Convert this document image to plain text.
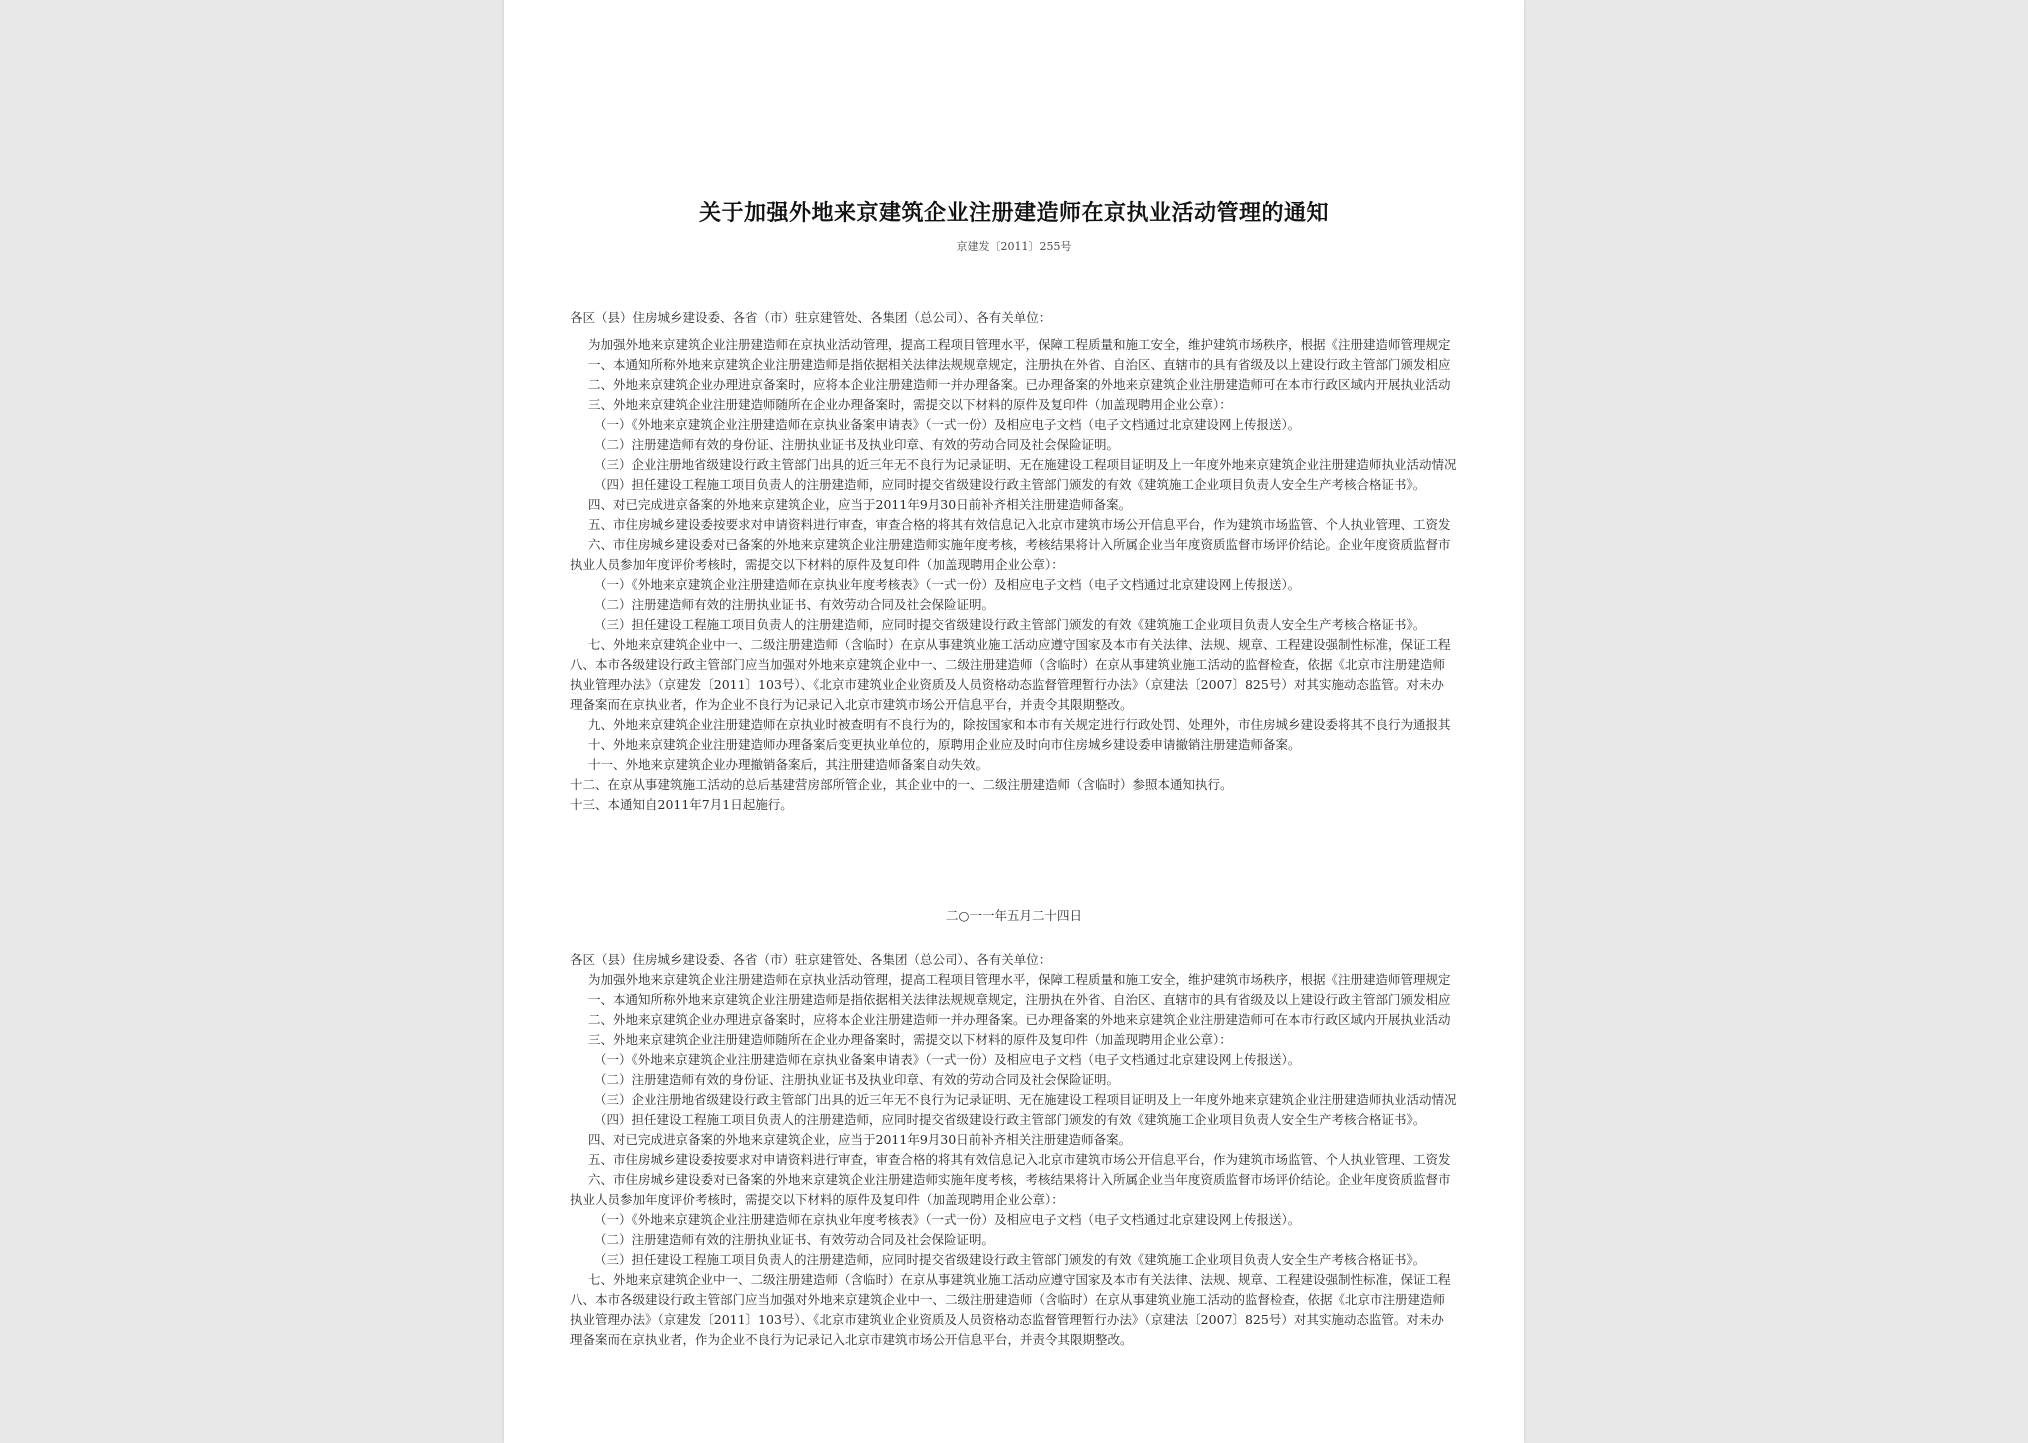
关于加强外地来京建筑企业注册建造师在京执业活动管理的通知
京建发〔2011〕255号
各区（县）住房城乡建设委、各省（市）驻京建管处、各集团（总公司）、各有关单位：
为加强外地来京建筑企业注册建造师在京执业活动管理，提高工程项目管理水平，保障工程质量和施工安全，维护建筑市场秩序，根据《注册建造师管理规定
一、本通知所称外地来京建筑企业注册建造师是指依据相关法律法规规章规定，注册执在外省、自治区、直辖市的具有省级及以上建设行政主管部门颁发相应
二、外地来京建筑企业办理进京备案时，应将本企业注册建造师一并办理备案。已办理备案的外地来京建筑企业注册建造师可在本市行政区域内开展执业活动
三、外地来京建筑企业注册建造师随所在企业办理备案时，需提交以下材料的原件及复印件（加盖现聘用企业公章）：
（一）《外地来京建筑企业注册建造师在京执业备案申请表》（一式一份）及相应电子文档（电子文档通过北京建设网上传报送）。
（二）注册建造师有效的身份证、注册执业证书及执业印章、有效的劳动合同及社会保险证明。
（三）企业注册地省级建设行政主管部门出具的近三年无不良行为记录证明、无在施建设工程项目证明及上一年度外地来京建筑企业注册建造师执业活动情况
（四）担任建设工程施工项目负责人的注册建造师，应同时提交省级建设行政主管部门颁发的有效《建筑施工企业项目负责人安全生产考核合格证书》。
四、对已完成进京备案的外地来京建筑企业，应当于2011年9月30日前补齐相关注册建造师备案。
五、市住房城乡建设委按要求对申请资料进行审查，审查合格的将其有效信息记入北京市建筑市场公开信息平台，作为建筑市场监管、个人执业管理、工资发
六、市住房城乡建设委对已备案的外地来京建筑企业注册建造师实施年度考核，考核结果将计入所属企业当年度资质监督市场评价结论。企业年度资质监督市
执业人员参加年度评价考核时，需提交以下材料的原件及复印件（加盖现聘用企业公章）：
（一）《外地来京建筑企业注册建造师在京执业年度考核表》（一式一份）及相应电子文档（电子文档通过北京建设网上传报送）。
（二）注册建造师有效的注册执业证书、有效劳动合同及社会保险证明。
（三）担任建设工程施工项目负责人的注册建造师，应同时提交省级建设行政主管部门颁发的有效《建筑施工企业项目负责人安全生产考核合格证书》。
七、外地来京建筑企业中一、二级注册建造师（含临时）在京从事建筑业施工活动应遵守国家及本市有关法律、法规、规章、工程建设强制性标准，保证工程
八、本市各级建设行政主管部门应当加强对外地来京建筑企业中一、二级注册建造师（含临时）在京从事建筑业施工活动的监督检查，依据《北京市注册建造师
执业管理办法》（京建发〔2011〕103号）、《北京市建筑业企业资质及人员资格动态监督管理暂行办法》（京建法〔2007〕825号）对其实施动态监管。对未办
理备案而在京执业者，作为企业不良行为记录记入北京市建筑市场公开信息平台，并责令其限期整改。
九、外地来京建筑企业注册建造师在京执业时被查明有不良行为的，除按国家和本市有关规定进行行政处罚、处理外，市住房城乡建设委将其不良行为通报其
十、外地来京建筑企业注册建造师办理备案后变更执业单位的，原聘用企业应及时向市住房城乡建设委申请撤销注册建造师备案。
十一、外地来京建筑企业办理撤销备案后，其注册建造师备案自动失效。
十二、在京从事建筑施工活动的总后基建营房部所管企业，其企业中的一、二级注册建造师（含临时）参照本通知执行。
十三、本通知自2011年7月1日起施行。
二○一一年五月二十四日
各区（县）住房城乡建设委、各省（市）驻京建管处、各集团（总公司）、各有关单位：
为加强外地来京建筑企业注册建造师在京执业活动管理，提高工程项目管理水平，保障工程质量和施工安全，维护建筑市场秩序，根据《注册建造师管理规定
一、本通知所称外地来京建筑企业注册建造师是指依据相关法律法规规章规定，注册执在外省、自治区、直辖市的具有省级及以上建设行政主管部门颁发相应
二、外地来京建筑企业办理进京备案时，应将本企业注册建造师一并办理备案。已办理备案的外地来京建筑企业注册建造师可在本市行政区域内开展执业活动
三、外地来京建筑企业注册建造师随所在企业办理备案时，需提交以下材料的原件及复印件（加盖现聘用企业公章）：
（一）《外地来京建筑企业注册建造师在京执业备案申请表》（一式一份）及相应电子文档（电子文档通过北京建设网上传报送）。
（二）注册建造师有效的身份证、注册执业证书及执业印章、有效的劳动合同及社会保险证明。
（三）企业注册地省级建设行政主管部门出具的近三年无不良行为记录证明、无在施建设工程项目证明及上一年度外地来京建筑企业注册建造师执业活动情况
（四）担任建设工程施工项目负责人的注册建造师，应同时提交省级建设行政主管部门颁发的有效《建筑施工企业项目负责人安全生产考核合格证书》。
四、对已完成进京备案的外地来京建筑企业，应当于2011年9月30日前补齐相关注册建造师备案。
五、市住房城乡建设委按要求对申请资料进行审查，审查合格的将其有效信息记入北京市建筑市场公开信息平台，作为建筑市场监管、个人执业管理、工资发
六、市住房城乡建设委对已备案的外地来京建筑企业注册建造师实施年度考核，考核结果将计入所属企业当年度资质监督市场评价结论。企业年度资质监督市
执业人员参加年度评价考核时，需提交以下材料的原件及复印件（加盖现聘用企业公章）：
（一）《外地来京建筑企业注册建造师在京执业年度考核表》（一式一份）及相应电子文档（电子文档通过北京建设网上传报送）。
（二）注册建造师有效的注册执业证书、有效劳动合同及社会保险证明。
（三）担任建设工程施工项目负责人的注册建造师，应同时提交省级建设行政主管部门颁发的有效《建筑施工企业项目负责人安全生产考核合格证书》。
七、外地来京建筑企业中一、二级注册建造师（含临时）在京从事建筑业施工活动应遵守国家及本市有关法律、法规、规章、工程建设强制性标准，保证工程
八、本市各级建设行政主管部门应当加强对外地来京建筑企业中一、二级注册建造师（含临时）在京从事建筑业施工活动的监督检查，依据《北京市注册建造师
执业管理办法》（京建发〔2011〕103号）、《北京市建筑业企业资质及人员资格动态监督管理暂行办法》（京建法〔2007〕825号）对其实施动态监管。对未办
理备案而在京执业者，作为企业不良行为记录记入北京市建筑市场公开信息平台，并责令其限期整改。
